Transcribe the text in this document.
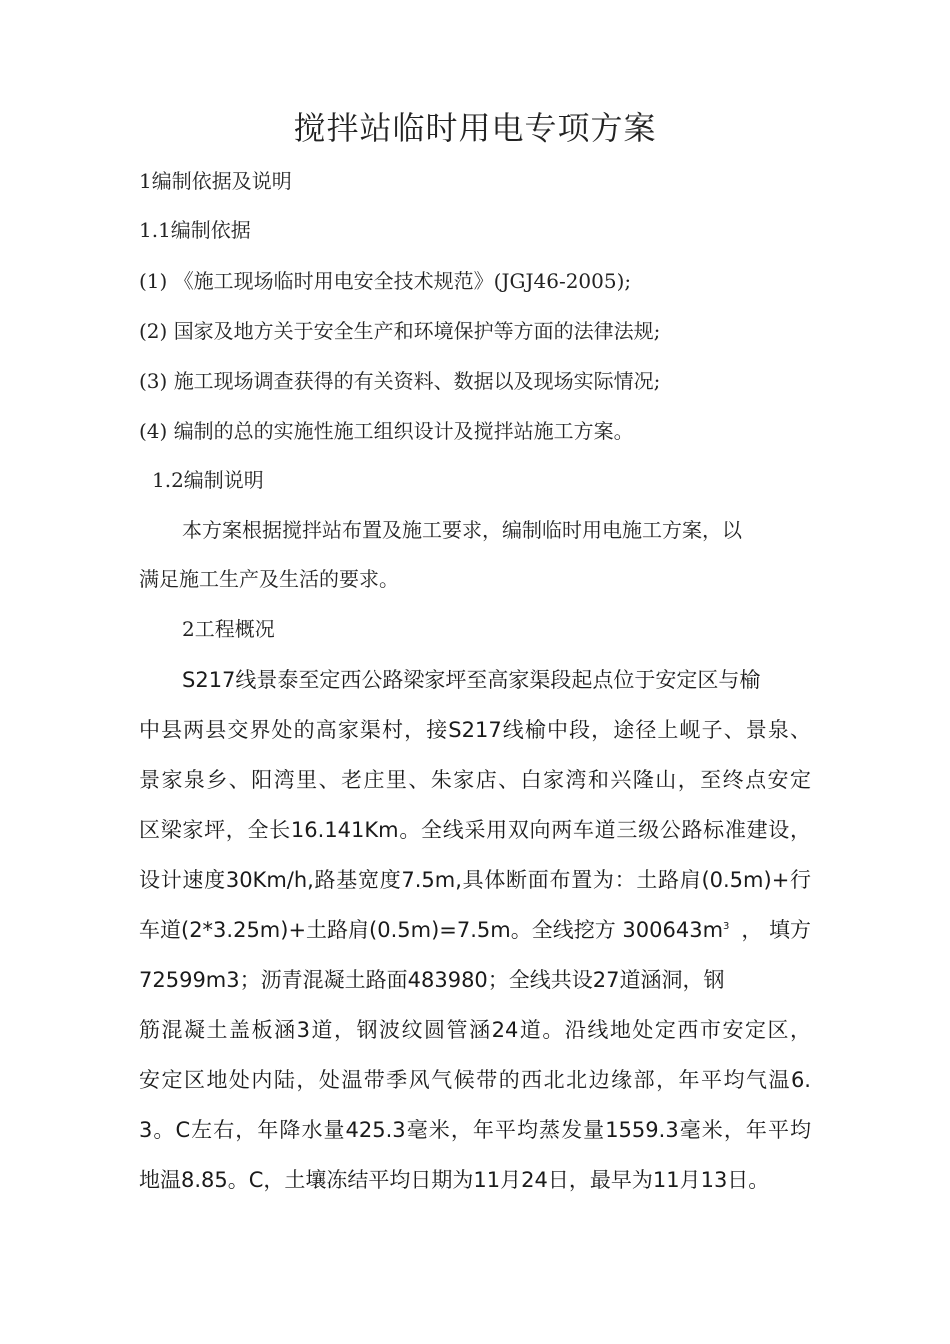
搅拌站临时用电专项方案
1编制依据及说明
1.1编制依据
(1) 《施工现场临时用电安全技术规范》(JGJ46-2005);
(2) 国家及地方关于安全生产和环境保护等方面的法律法规;
(3) 施工现场调查获得的有关资料、数据以及现场实际情况;
(4) 编制的总的实施性施工组织设计及搅拌站施工方案。
1.2编制说明
本方案根据搅拌站布置及施工要求，编制临时用电施工方案，以
满足施工生产及生活的要求。
2工程概况
S217线景泰至定西公路梁家坪至高家渠段起点位于安定区与榆
中县两县交界处的高家渠村，接S217线榆中段，途径上岘子、景泉、
景家泉乡、阳湾里、老庄里、朱家店、白家湾和兴隆山，至终点安定
区梁家坪，全长16.141Km。全线采用双向两车道三级公路标准建设，
设计速度30Km/h,路基宽度7.5m,具体断面布置为：土路肩(0.5m)+行
车道(2*3.25m)+土路肩(0.5m)=7.5m。全线挖方 $300643m^3$ ， 填方
72599m3；沥青混凝土路面483980；全线共设27道涵洞，钢
筋混凝土盖板涵3道，钢波纹圆管涵24道。沿线地处定西市安定区，
安定区地处内陆，处温带季风气候带的西北北边缘部，年平均气温6.
3。C左右，年降水量425.3毫米，年平均蒸发量1559.3毫米，年平均
地温8.85。C，土壤冻结平均日期为11月24日，最早为11月13日。
